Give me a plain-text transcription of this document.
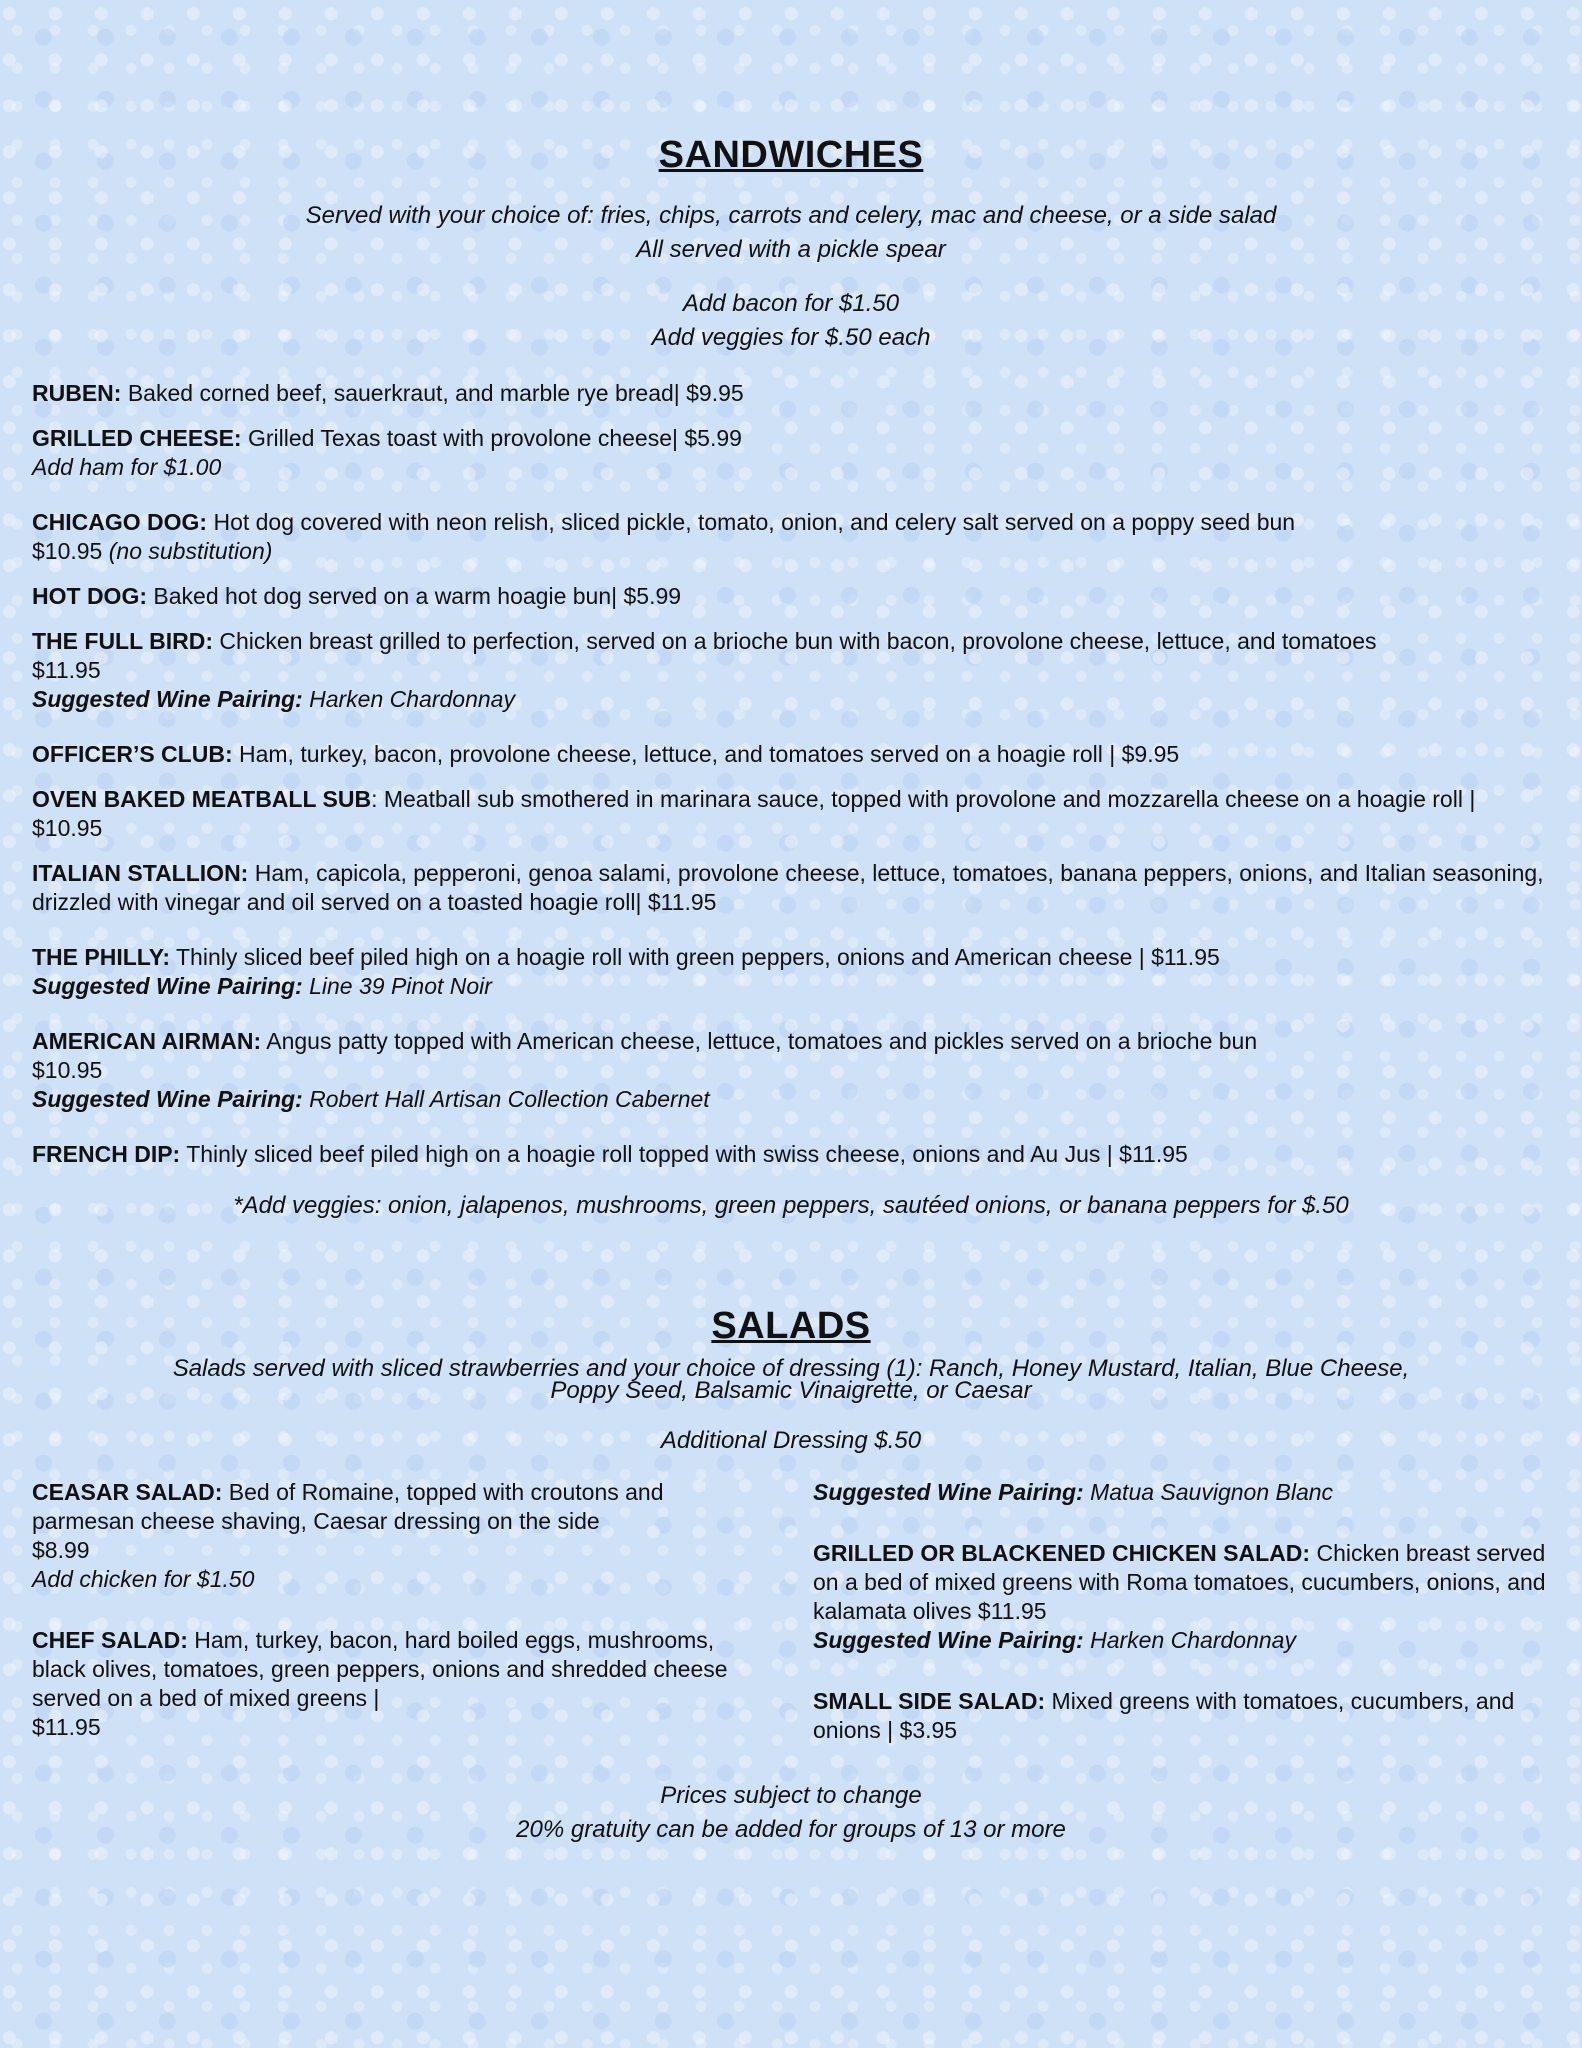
SANDWICHES
Served with your choice of: fries, chips, carrots and celery, mac and cheese, or a side salad
All served with a pickle spear
Add bacon for $1.50
Add veggies for $.50 each

RUBEN: Baked corned beef, sauerkraut, and marble rye bread| $9.95

GRILLED CHEESE: Grilled Texas toast with provolone cheese| $5.99
Add ham for $1.00

CHICAGO DOG: Hot dog covered with neon relish, sliced pickle, tomato, onion, and celery salt served on a poppy seed bun
$10.95 (no substitution)

HOT DOG: Baked hot dog served on a warm hoagie bun| $5.99

THE FULL BIRD: Chicken breast grilled to perfection, served on a brioche bun with bacon, provolone cheese, lettuce, and tomatoes
$11.95
Suggested Wine Pairing: Harken Chardonnay

OFFICER’S CLUB: Ham, turkey, bacon, provolone cheese, lettuce, and tomatoes served on a hoagie roll | $9.95

OVEN BAKED MEATBALL SUB: Meatball sub smothered in marinara sauce, topped with provolone and mozzarella cheese on a hoagie roll | $10.95

ITALIAN STALLION: Ham, capicola, pepperoni, genoa salami, provolone cheese, lettuce, tomatoes, banana peppers, onions, and Italian seasoning, drizzled with vinegar and oil served on a toasted hoagie roll| $11.95

THE PHILLY: Thinly sliced beef piled high on a hoagie roll with green peppers, onions and American cheese | $11.95
Suggested Wine Pairing: Line 39 Pinot Noir

AMERICAN AIRMAN: Angus patty topped with American cheese, lettuce, tomatoes and pickles served on a brioche bun
$10.95
Suggested Wine Pairing: Robert Hall Artisan Collection Cabernet

FRENCH DIP: Thinly sliced beef piled high on a hoagie roll topped with swiss cheese, onions and Au Jus | $11.95

*Add veggies: onion, jalapenos, mushrooms, green peppers, sautéed onions, or banana peppers for $.50
SALADS
Salads served with sliced strawberries and your choice of dressing (1): Ranch, Honey Mustard, Italian, Blue Cheese,
Poppy Seed, Balsamic Vinaigrette, or Caesar
Additional Dressing $.50

CEASAR SALAD: Bed of Romaine, topped with croutons and parmesan cheese shaving, Caesar dressing on the side
$8.99
Add chicken for $1.50

CHEF SALAD: Ham, turkey, bacon, hard boiled eggs, mushrooms, black olives, tomatoes, green peppers, onions and shredded cheese served on a bed of mixed greens |
$11.95

Suggested Wine Pairing: Matua Sauvignon Blanc

GRILLED OR BLACKENED CHICKEN SALAD: Chicken breast served on a bed of mixed greens with Roma tomatoes, cucumbers, onions, and kalamata olives $11.95
Suggested Wine Pairing: Harken Chardonnay

SMALL SIDE SALAD: Mixed greens with tomatoes, cucumbers, and onions | $3.95

Prices subject to change
20% gratuity can be added for groups of 13 or more
